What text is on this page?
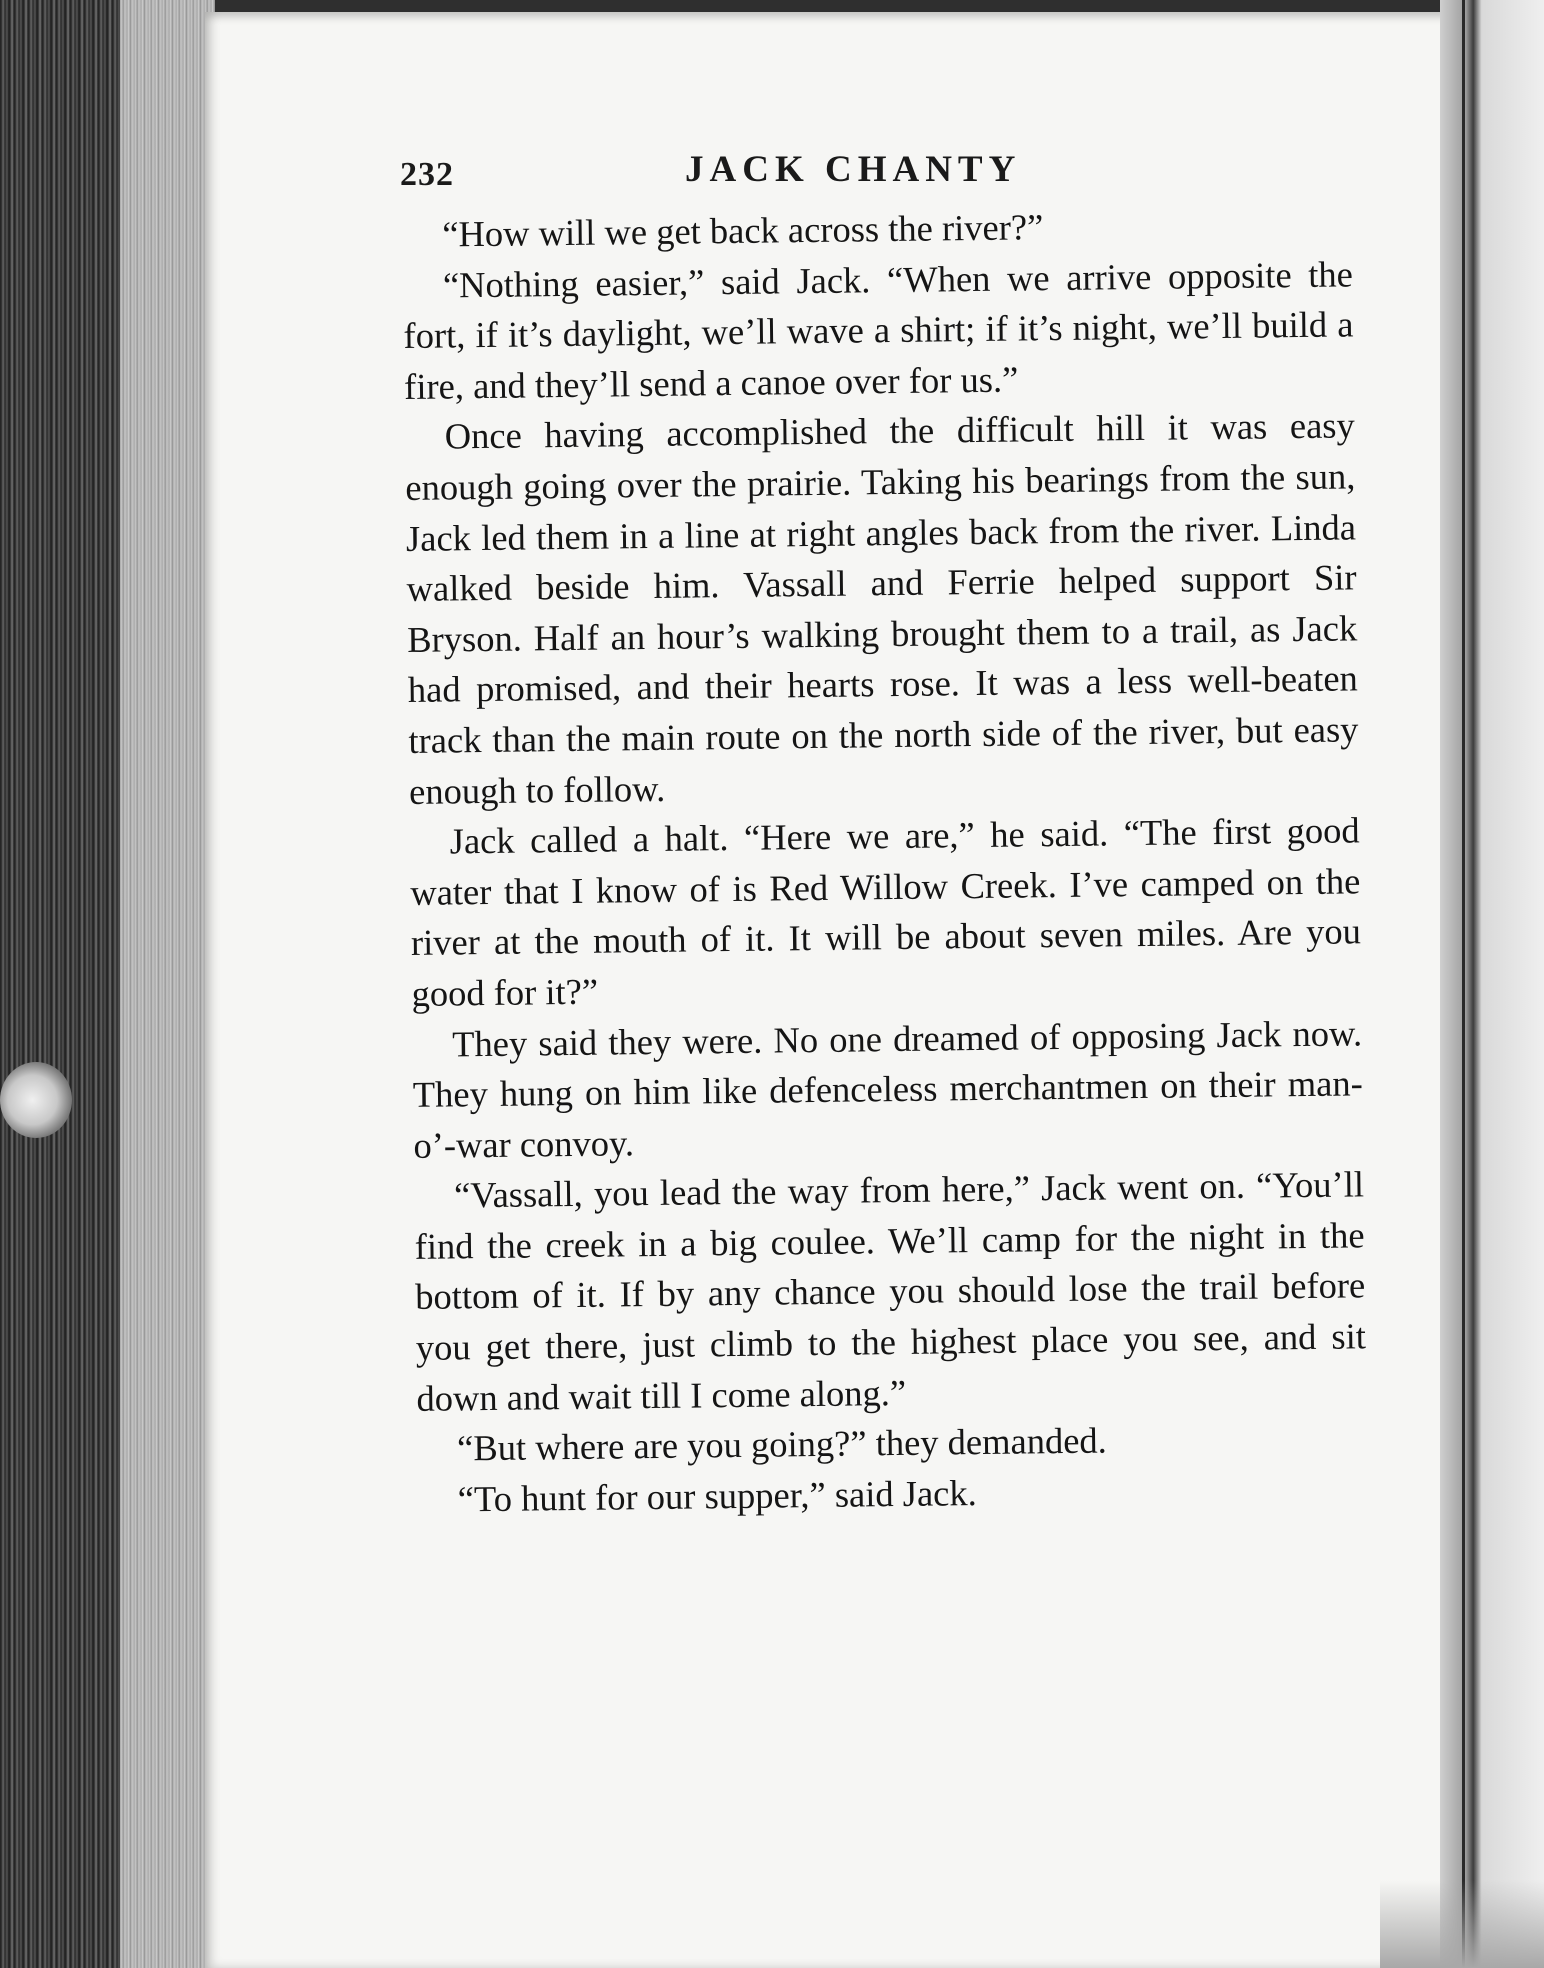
232	JACK CHANTY

“How will we get back across the river?”

“Nothing easier,” said Jack. “When we arrive opposite the fort, if it’s daylight, we’ll wave a shirt; if it’s night, we’ll build a fire, and they’ll send a canoe over for us.”

Once having accomplished the difficult hill it was easy enough going over the prairie. Taking his bearings from the sun, Jack led them in a line at right angles back from the river. Linda walked beside him. Vassall and Ferrie helped support Sir Bryson. Half an hour’s walking brought them to a trail, as Jack had promised, and their hearts rose. It was a less well-beaten track than the main route on the north side of the river, but easy enough to follow.

Jack called a halt. “Here we are,” he said. “The first good water that I know of is Red Willow Creek. I’ve camped on the river at the mouth of it. It will be about seven miles. Are you good for it?”

They said they were. No one dreamed of opposing Jack now. They hung on him like defenceless merchantmen on their man-o’-war convoy.

“Vassall, you lead the way from here,” Jack went on. “You’ll find the creek in a big coulee. We’ll camp for the night in the bottom of it. If by any chance you should lose the trail before you get there, just climb to the highest place you see, and sit down and wait till I come along.”

“But where are you going?” they demanded.

“To hunt for our supper,” said Jack.
